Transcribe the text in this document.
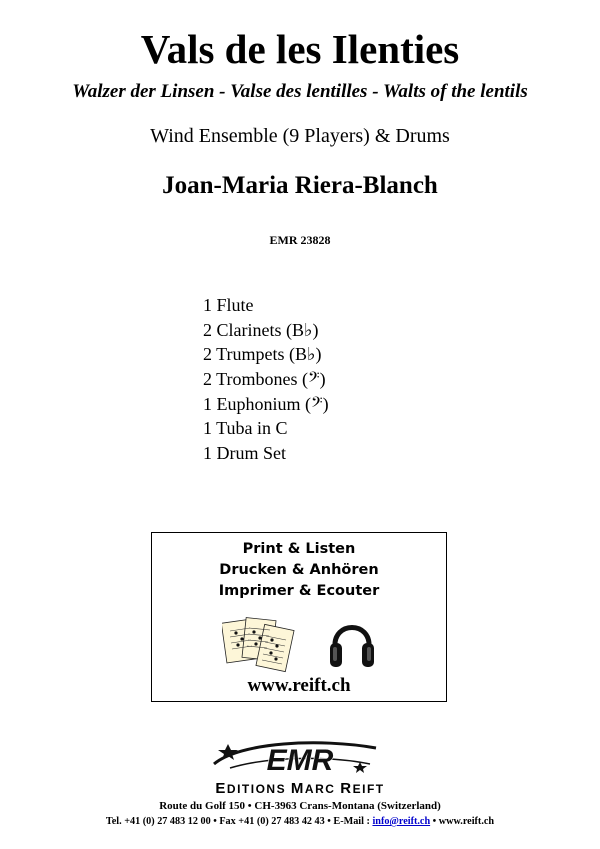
Vals de les Ilenties
Walzer der Linsen - Valse des lentilles - Walts of the lentils
Wind Ensemble (9 Players) & Drums
Joan-Maria Riera-Blanch
EMR 23828
1 Flute
2 Clarinets (B♭)
2 Trumpets (B♭)
2 Trombones (𝄢)
1 Euphonium (𝄢)
1 Tuba in C
1 Drum Set
Print & Listen
Drucken & Anhören
Imprimer & Ecouter
www.reift.ch
EMR
EDITIONS MARC REIFT
Route du Golf 150 • CH-3963 Crans-Montana (Switzerland)
Tel. +41 (0) 27 483 12 00 • Fax +41 (0) 27 483 42 43 • E-Mail : info@reift.ch • www.reift.ch
